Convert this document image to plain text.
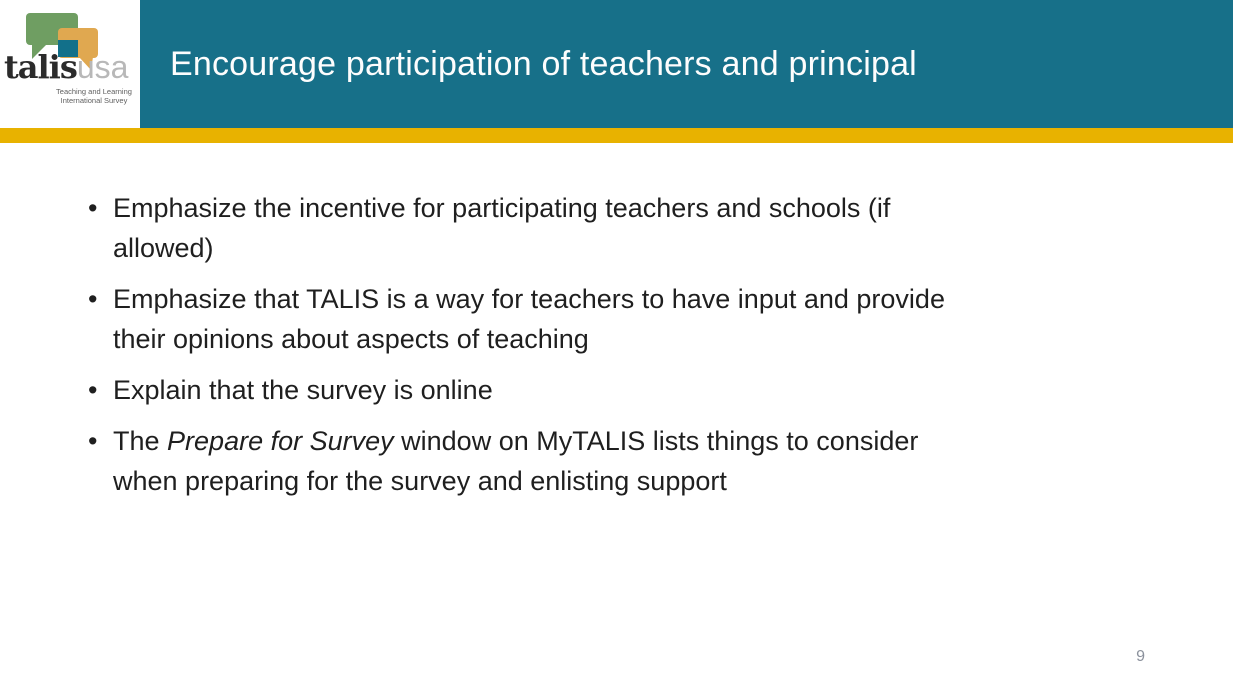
talisusa
Teaching and Learning
International Survey
Encourage participation of teachers and principal
• Emphasize the incentive for participating teachers and schools (if
allowed)
• Emphasize that TALIS is a way for teachers to have input and provide
their opinions about aspects of teaching
• Explain that the survey is online
• The Prepare for Survey window on MyTALIS lists things to consider
when preparing for the survey and enlisting support
9
